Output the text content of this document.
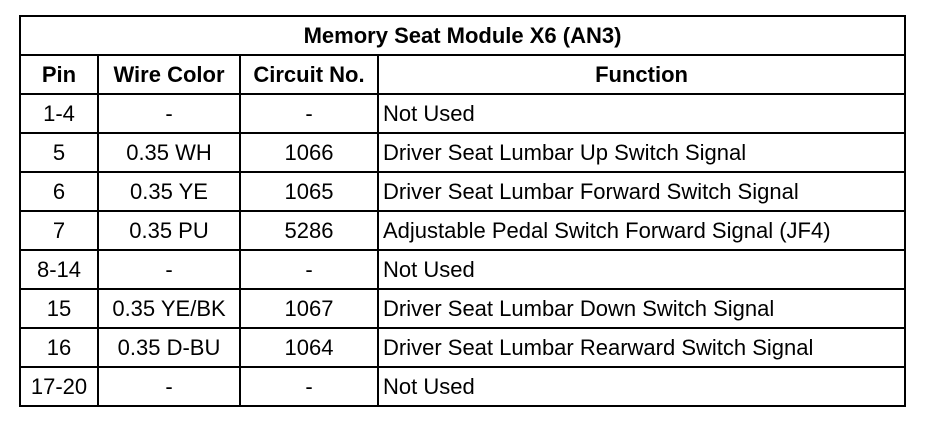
Memory Seat Module X6 (AN3)			
Pin	Wire Color	Circuit No.	Function
1-4	-	-	Not Used
5	0.35 WH	1066	Driver Seat Lumbar Up Switch Signal
6	0.35 YE	1065	Driver Seat Lumbar Forward Switch Signal
7	0.35 PU	5286	Adjustable Pedal Switch Forward Signal (JF4)
8-14	-	-	Not Used
15	0.35 YE/BK	1067	Driver Seat Lumbar Down Switch Signal
16	0.35 D-BU	1064	Driver Seat Lumbar Rearward Switch Signal
17-20	-	-	Not Used
